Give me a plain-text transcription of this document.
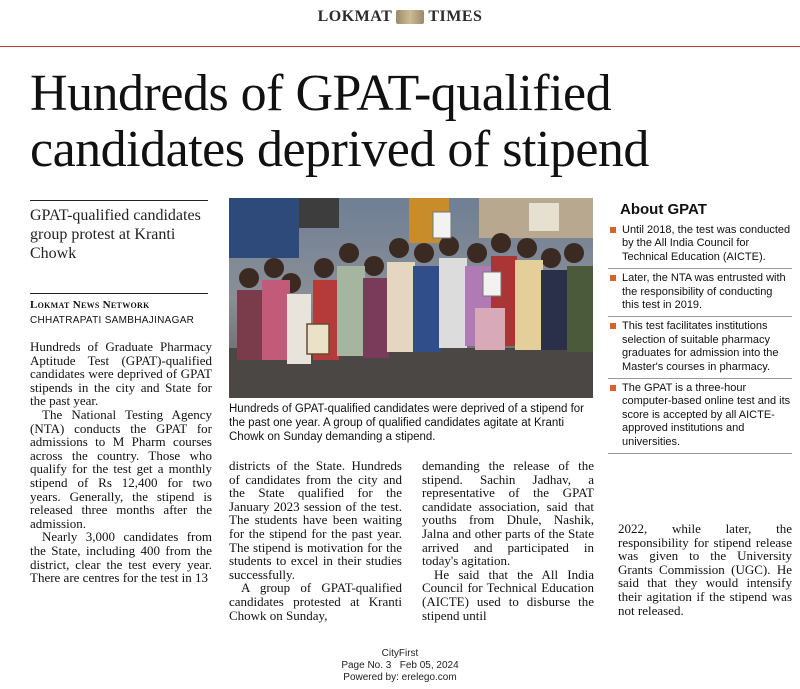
LOKMAT TIMES
Hundreds of GPAT-qualified
candidates deprived of stipend
GPAT-qualified candidates group protest at Kranti Chowk
Lokmat News Network
CHHATRAPATI SAMBHAJINAGAR

Hundreds of Graduate Pharmacy Aptitude Test (GPAT)-qualified candidates were deprived of GPAT stipends in the city and State for the past year.

The National Testing Agency (NTA) conducts the GPAT for admissions to M Pharm courses across the country. Those who qualify for the test get a monthly stipend of Rs 12,400 for two years. Generally, the stipend is released three months after the admission.

Nearly 3,000 candidates from the State, including 400 from the district, clear the test every year. There are centres for the test in 13

Hundreds of GPAT-qualified candidates were deprived of a stipend for the past one year. A group of qualified candidates agitate at Kranti Chowk on Sunday demanding a stipend.

districts of the State. Hundreds of candidates from the city and the State qualified for the January 2023 session of the test. The students have been waiting for the stipend for the past year. The stipend is motivation for the students to excel in their studies successfully.

A group of GPAT-qualified candidates protested at Kranti Chowk on Sunday,

demanding the release of the stipend. Sachin Jadhav, a representative of the GPAT candidate association, said that youths from Dhule, Nashik, Jalna and other parts of the State arrived and participated in today's agitation.

He said that the All India Council for Technical Education (AICTE) used to disburse the stipend until

About GPAT
Until 2018, the test was conducted by the All India Council for Technical Education (AICTE).
Later, the NTA was entrusted with the responsibility of conducting this test in 2019.
This test facilitates institutions selection of suitable pharmacy graduates for admission into the Master's courses in pharmacy.
The GPAT is a three-hour computer-based online test and its score is accepted by all AICTE-approved institutions and universities.

2022, while later, the responsibility for stipend release was given to the University Grants Commission (UGC). He said that they would intensify their agitation if the stipend was not released.

CityFirst
Page No. 3 Feb 05, 2024
Powered by: erelego.com
